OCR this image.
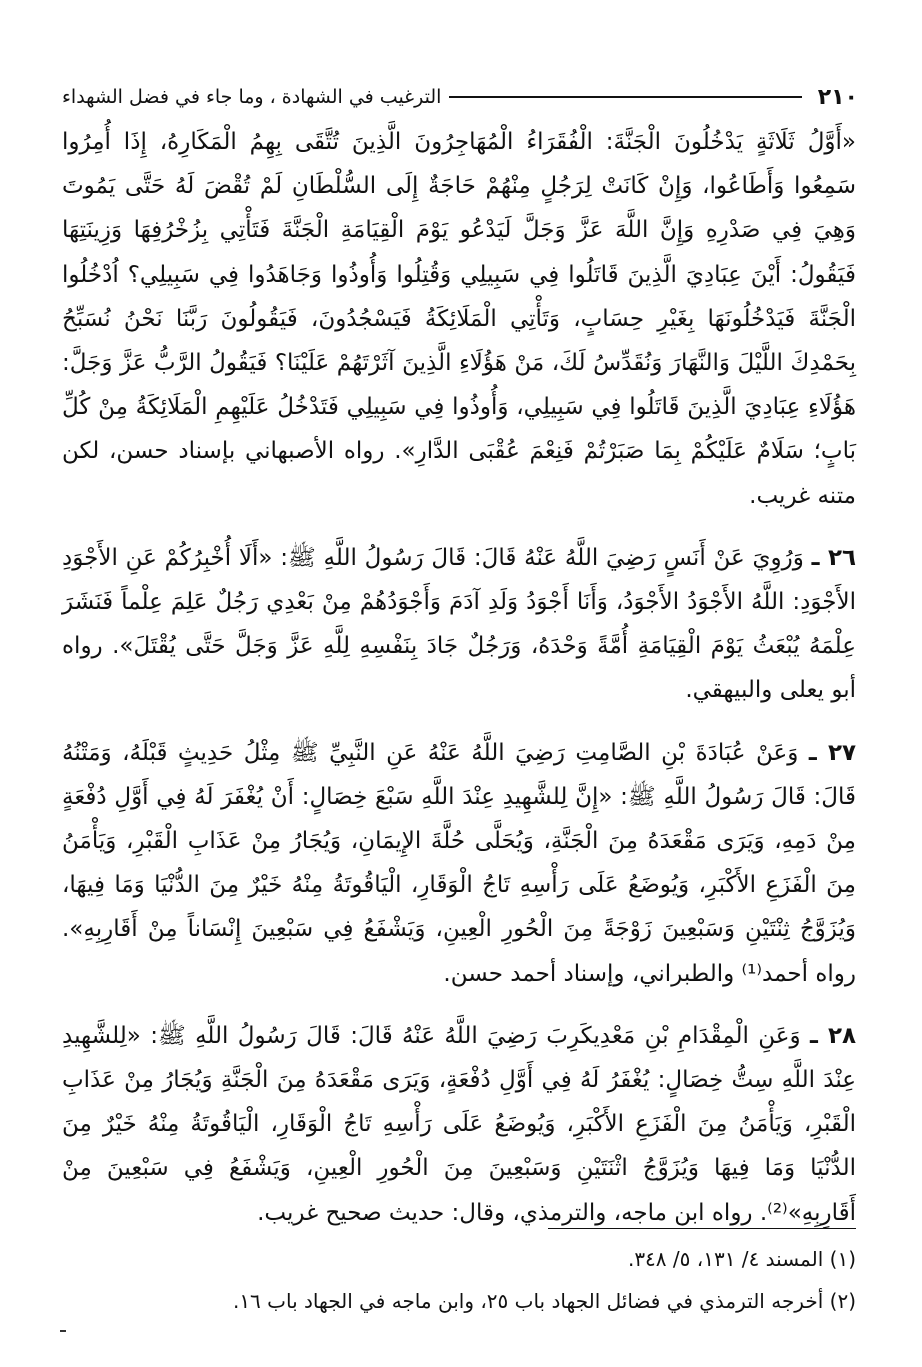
٢١٠
الترغيب في الشهادة ، وما جاء في فضل الشهداء

«أَوَّلُ ثَلَاثَةٍ يَدْخُلُونَ الْجَنَّةَ: الْفُقَرَاءُ الْمُهَاجِرُونَ الَّذِينَ تُتَّقَى بِهِمُ الْمَكَارِهُ، إِذَا أُمِرُوا سَمِعُوا وَأَطَاعُوا، وَإِنْ كَانَتْ لِرَجُلٍ مِنْهُمْ حَاجَةٌ إِلَى السُّلْطَانِ لَمْ تُقْضَ لَهُ حَتَّى يَمُوتَ وَهِيَ فِي صَدْرِهِ وَإِنَّ اللَّهَ عَزَّ وَجَلَّ لَيَدْعُو يَوْمَ الْقِيَامَةِ الْجَنَّةَ فَتَأْتِي بِزُخْرُفِهَا وَزِينَتِهَا فَيَقُولُ: أَيْنَ عِبَادِيَ الَّذِينَ قَاتَلُوا فِي سَبِيلِي وَقُتِلُوا وَأُوذُوا وَجَاهَدُوا فِي سَبِيلِي؟ اُدْخُلُوا الْجَنَّةَ فَيَدْخُلُونَهَا بِغَيْرِ حِسَابٍ، وَتَأْتِي الْمَلَائِكَةُ فَيَسْجُدُونَ، فَيَقُولُونَ رَبَّنَا نَحْنُ نُسَبِّحُ بِحَمْدِكَ اللَّيْلَ وَالنَّهَارَ وَنُقَدِّسُ لَكَ، مَنْ هَؤُلَاءِ الَّذِينَ آثَرْتَهُمْ عَلَيْنَا؟ فَيَقُولُ الرَّبُّ عَزَّ وَجَلَّ: هَؤُلَاءِ عِبَادِيَ الَّذِينَ قَاتَلُوا فِي سَبِيلِي، وَأُوذُوا فِي سَبِيلِي فَتَدْخُلُ عَلَيْهِمِ الْمَلَائِكَةُ مِنْ كُلِّ بَابٍ؛ سَلَامٌ عَلَيْكُمْ بِمَا صَبَرْتُمْ فَنِعْمَ عُقْبَى الدَّارِ». رواه الأصبهاني بإسناد حسن، لكن متنه غريب.

٢٦ ـ وَرُوِيَ عَنْ أَنَسٍ رَضِيَ اللَّهُ عَنْهُ قَالَ: قَالَ رَسُولُ اللَّهِ ﷺ: «أَلَا أُخْبِرُكُمْ عَنِ الأَجْوَدِ الأَجْوَدِ: اللَّهُ الأَجْوَدُ الأَجْوَدُ، وَأَنَا أَجْوَدُ وَلَدِ آدَمَ وَأَجْوَدُهُمْ مِنْ بَعْدِي رَجُلٌ عَلِمَ عِلْماً فَنَشَرَ عِلْمَهُ يُبْعَثُ يَوْمَ الْقِيَامَةِ أُمَّةً وَحْدَهُ، وَرَجُلٌ جَادَ بِنَفْسِهِ لِلَّهِ عَزَّ وَجَلَّ حَتَّى يُقْتَلَ». رواه أبو يعلى والبيهقي.

٢٧ ـ وَعَنْ عُبَادَةَ بْنِ الصَّامِتِ رَضِيَ اللَّهُ عَنْهُ عَنِ النَّبِيِّ ﷺ مِثْلُ حَدِيثٍ قَبْلَهُ، وَمَتْنُهُ قَالَ: قَالَ رَسُولُ اللَّهِ ﷺ: «إِنَّ لِلشَّهِيدِ عِنْدَ اللَّهِ سَبْعَ خِصَالٍ: أَنْ يُغْفَرَ لَهُ فِي أَوَّلِ دُفْعَةٍ مِنْ دَمِهِ، وَيَرَى مَقْعَدَهُ مِنَ الْجَنَّةِ، وَيُحَلَّى حُلَّةَ الإِيمَانِ، وَيُجَارُ مِنْ عَذَابِ الْقَبْرِ، وَيَأْمَنُ مِنَ الْفَزَعِ الأَكْبَرِ، وَيُوضَعُ عَلَى رَأْسِهِ تَاجُ الْوَقَارِ، الْيَاقُوتَةُ مِنْهُ خَيْرٌ مِنَ الدُّنْيَا وَمَا فِيهَا، وَيُزَوَّجُ ثِنْتَيْنِ وَسَبْعِينَ زَوْجَةً مِنَ الْحُورِ الْعِينِ، وَيَشْفَعُ فِي سَبْعِينَ إِنْسَاناً مِنْ أَقَارِبِهِ». رواه أحمد⁽¹⁾ والطبراني، وإسناد أحمد حسن.

٢٨ ـ وَعَنِ الْمِقْدَامِ بْنِ مَعْدِيكَرِبَ رَضِيَ اللَّهُ عَنْهُ قَالَ: قَالَ رَسُولُ اللَّهِ ﷺ: «لِلشَّهِيدِ عِنْدَ اللَّهِ سِتُّ خِصَالٍ: يُغْفَرُ لَهُ فِي أَوَّلِ دُفْعَةٍ، وَيَرَى مَقْعَدَهُ مِنَ الْجَنَّةِ وَيُجَارُ مِنْ عَذَابِ الْقَبْرِ، وَيَأْمَنُ مِنَ الْفَزَعِ الأَكْبَرِ، وَيُوضَعُ عَلَى رَأْسِهِ تَاجُ الْوَقَارِ، الْيَاقُوتَةُ مِنْهُ خَيْرٌ مِنَ الدُّنْيَا وَمَا فِيهَا وَيُزَوَّجُ اثْنَتَيْنِ وَسَبْعِينَ مِنَ الْحُورِ الْعِينِ، وَيَشْفَعُ فِي سَبْعِينَ مِنْ أَقَارِبِهِ»⁽²⁾. رواه ابن ماجه، والترمذي، وقال: حديث صحيح غريب.

(١) المسند ٤/ ١٣١، ٥/ ٣٤٨.
(٢) أخرجه الترمذي في فضائل الجهاد باب ٢٥، وابن ماجه في الجهاد باب ١٦.
